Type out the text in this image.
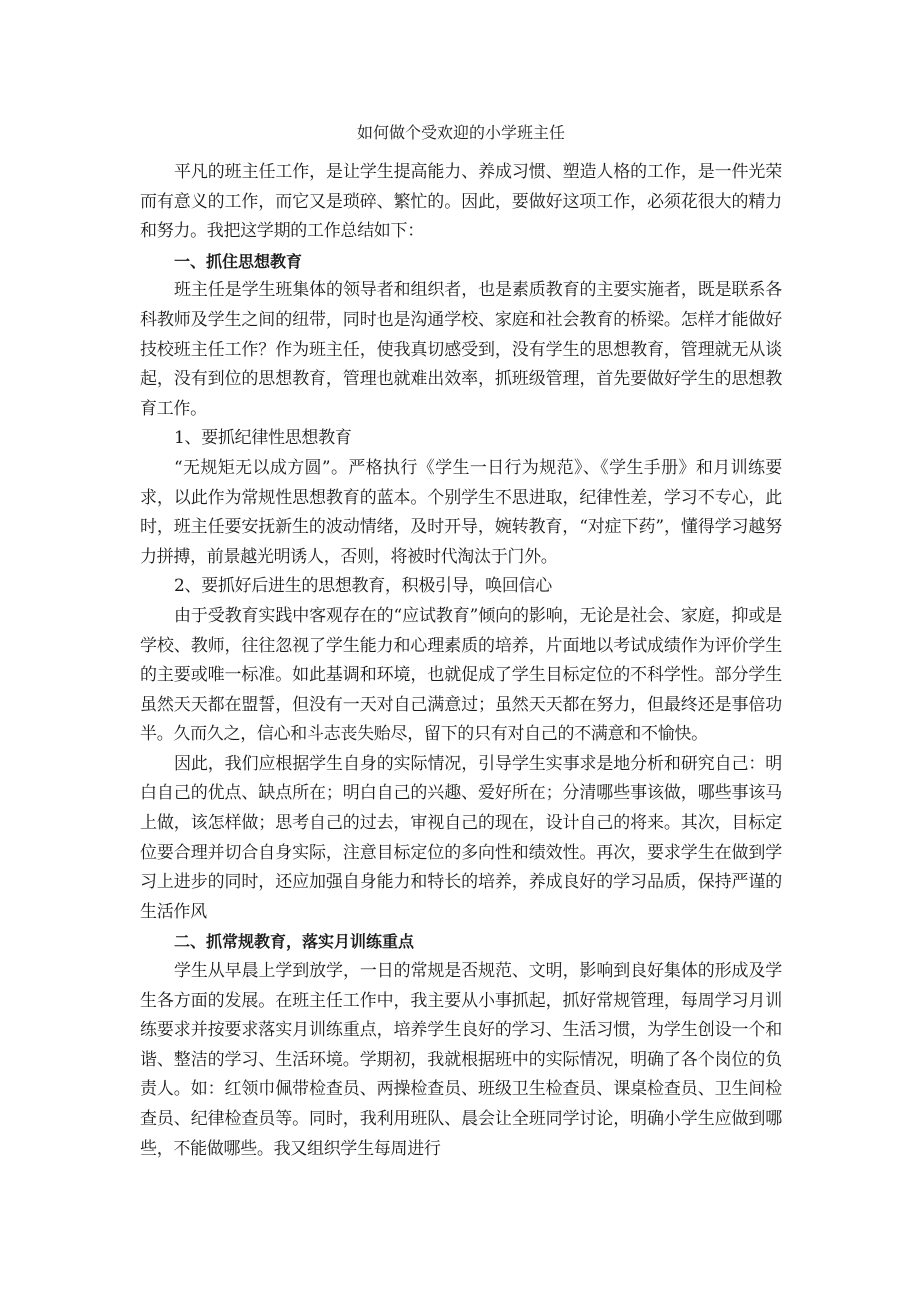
如何做个受欢迎的小学班主任

平凡的班主任工作，是让学生提高能力、养成习惯、塑造人格的工作，是一件光荣而有意义的工作，而它又是琐碎、繁忙的。因此，要做好这项工作，必须花很大的精力和努力。我把这学期的工作总结如下：

一、抓住思想教育

班主任是学生班集体的领导者和组织者，也是素质教育的主要实施者，既是联系各科教师及学生之间的纽带，同时也是沟通学校、家庭和社会教育的桥梁。怎样才能做好技校班主任工作？作为班主任，使我真切感受到，没有学生的思想教育，管理就无从谈起，没有到位的思想教育，管理也就难出效率，抓班级管理，首先要做好学生的思想教育工作。

1、要抓纪律性思想教育

“无规矩无以成方圆”。严格执行《学生一日行为规范》、《学生手册》和月训练要求，以此作为常规性思想教育的蓝本。个别学生不思进取，纪律性差，学习不专心，此时，班主任要安抚新生的波动情绪，及时开导，婉转教育，“对症下药”，懂得学习越努力拼搏，前景越光明诱人，否则，将被时代淘汰于门外。

2、要抓好后进生的思想教育，积极引导，唤回信心

由于受教育实践中客观存在的“应试教育”倾向的影响，无论是社会、家庭，抑或是学校、教师，往往忽视了学生能力和心理素质的培养，片面地以考试成绩作为评价学生的主要或唯一标准。如此基调和环境，也就促成了学生目标定位的不科学性。部分学生虽然天天都在盟誓，但没有一天对自己满意过；虽然天天都在努力，但最终还是事倍功半。久而久之，信心和斗志丧失贻尽，留下的只有对自己的不满意和不愉快。

因此，我们应根据学生自身的实际情况，引导学生实事求是地分析和研究自己：明白自己的优点、缺点所在；明白自己的兴趣、爱好所在；分清哪些事该做，哪些事该马上做，该怎样做；思考自己的过去，审视自己的现在，设计自己的将来。其次，目标定位要合理并切合自身实际，注意目标定位的多向性和绩效性。再次，要求学生在做到学习上进步的同时，还应加强自身能力和特长的培养，养成良好的学习品质，保持严谨的生活作风

二、抓常规教育，落实月训练重点

学生从早晨上学到放学，一日的常规是否规范、文明，影响到良好集体的形成及学生各方面的发展。在班主任工作中，我主要从小事抓起，抓好常规管理，每周学习月训练要求并按要求落实月训练重点，培养学生良好的学习、生活习惯，为学生创设一个和谐、整洁的学习、生活环境。学期初，我就根据班中的实际情况，明确了各个岗位的负责人。如：红领巾佩带检查员、两操检查员、班级卫生检查员、课桌检查员、卫生间检查员、纪律检查员等。同时，我利用班队、晨会让全班同学讨论，明确小学生应做到哪些，不能做哪些。我又组织学生每周进行
